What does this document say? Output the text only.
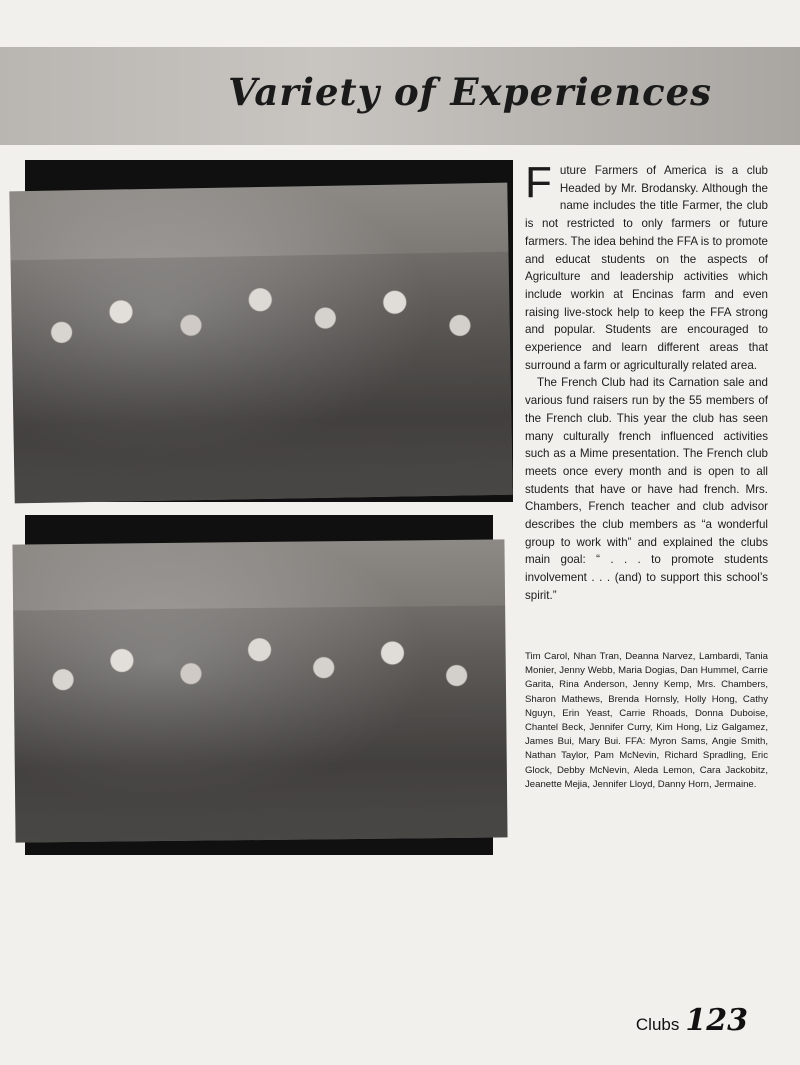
Variety of Experiences

Future Farmers of America is a club Headed by Mr. Brodansky. Although the name includes the title Farmer, the club is not restricted to only farmers or future farmers. The idea behind the FFA is to promote and educat students on the aspects of Agriculture and leadership activities which include workin at Encinas farm and even raising live-stock help to keep the FFA strong and popular. Students are encouraged to experience and learn different areas that surround a farm or agriculturally related area.

The French Club had its Carnation sale and various fund raisers run by the 55 members of the French club. This year the club has seen many culturally french influenced activities such as a Mime presentation. The French club meets once every month and is open to all students that have or have had french. Mrs. Chambers, French teacher and club advisor describes the club members as “a wonderful group to work with” and explained the clubs main goal: “ . . . to promote students involvement . . . (and) to support this school’s spirit.”

Tim Carol, Nhan Tran, Deanna Narvez, Lambardi, Tania Monier, Jenny Webb, Maria Dogias, Dan Hummel, Carrie Garita, Rina Anderson, Jenny Kemp, Mrs. Chambers, Sharon Mathews, Brenda Hornsly, Holly Hong, Cathy Nguyn, Erin Yeast, Carrie Rhoads, Donna Duboise, Chantel Beck, Jennifer Curry, Kim Hong, Liz Galgamez, James Bui, Mary Bui. FFA: Myron Sams, Angie Smith, Nathan Taylor, Pam McNevin, Richard Spradling, Eric Glock, Debby McNevin, Aleda Lemon, Cara Jackobitz, Jeanette Mejia, Jennifer Lloyd, Danny Horn, Jermaine.

Clubs 123
